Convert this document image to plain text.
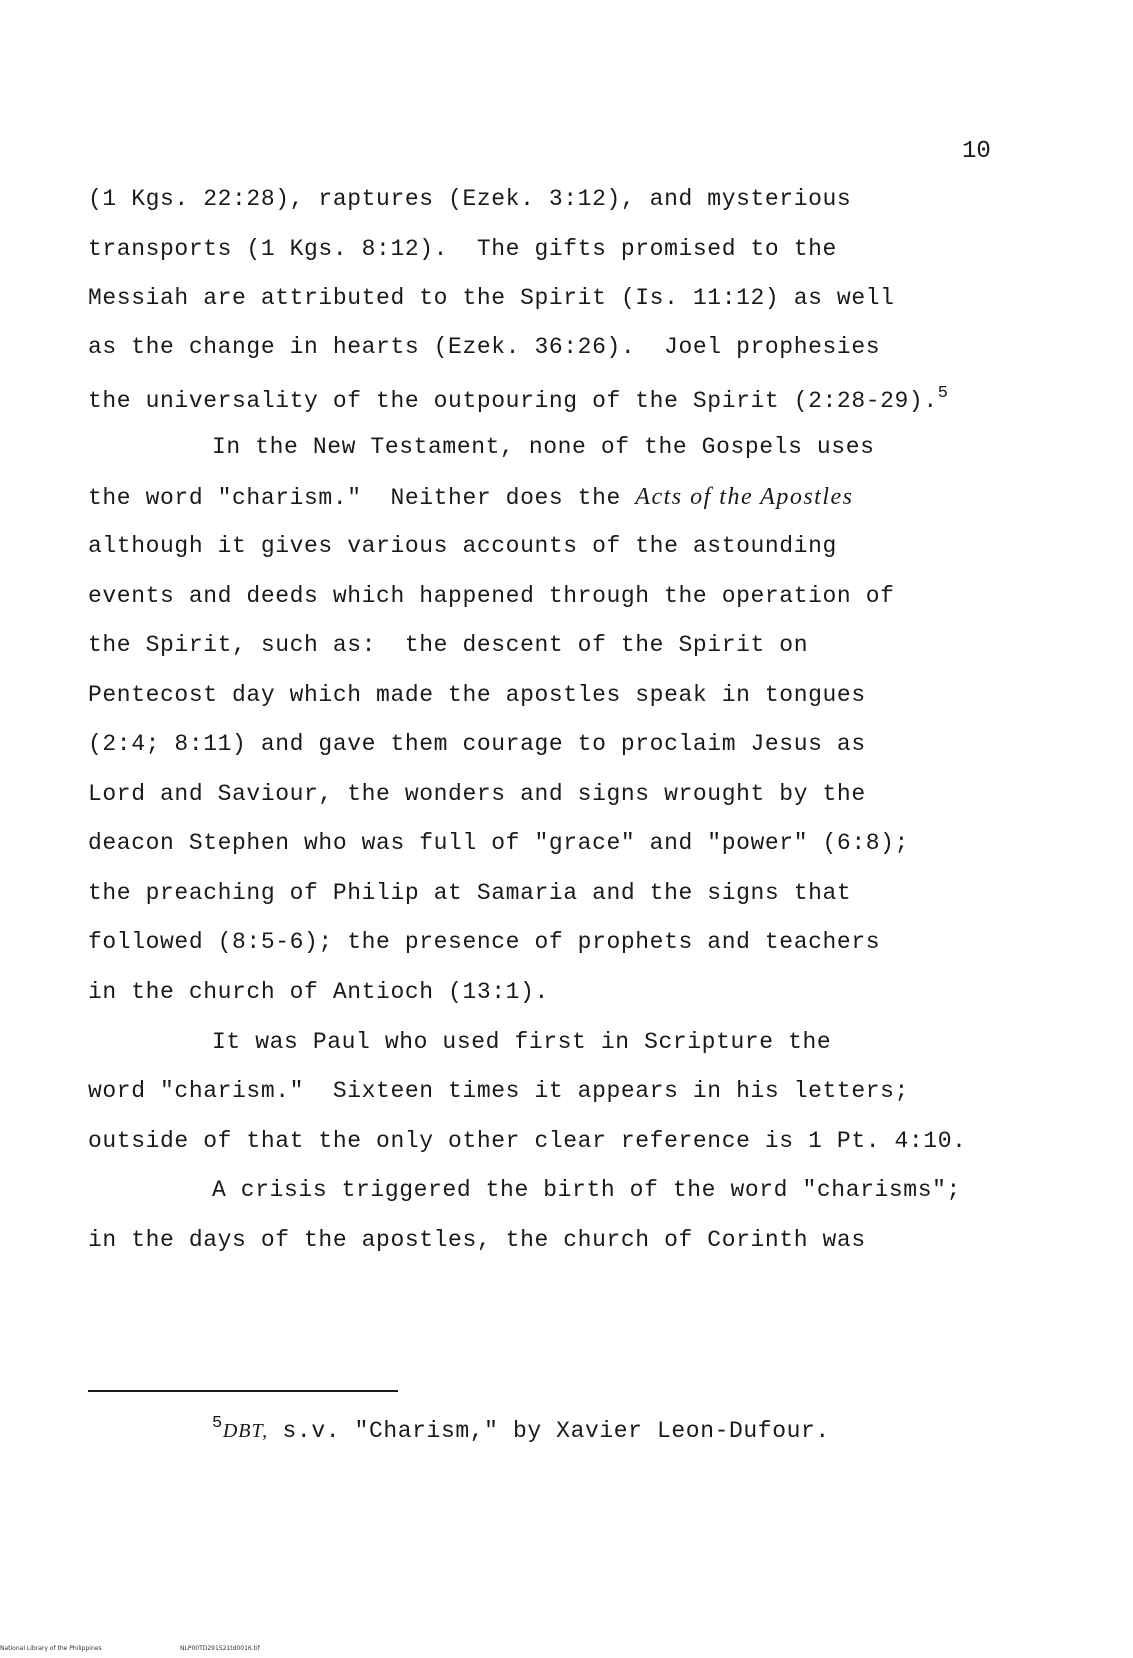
10
(1 Kgs. 22:28), raptures (Ezek. 3:12), and mysterious
transports (1 Kgs. 8:12).  The gifts promised to the
Messiah are attributed to the Spirit (Is. 11:12) as well
as the change in hearts (Ezek. 36:26).  Joel prophesies
the universality of the outpouring of the Spirit (2:28-29).$^5$
In the New Testament, none of the Gospels uses
the word "charism."  Neither does the Acts of the Apostles
although it gives various accounts of the astounding
events and deeds which happened through the operation of
the Spirit, such as:  the descent of the Spirit on
Pentecost day which made the apostles speak in tongues
(2:4; 8:11) and gave them courage to proclaim Jesus as
Lord and Saviour, the wonders and signs wrought by the
deacon Stephen who was full of "grace" and "power" (6:8);
the preaching of Philip at Samaria and the signs that
followed (8:5-6); the presence of prophets and teachers
in the church of Antioch (13:1).
It was Paul who used first in Scripture the
word "charism."  Sixteen times it appears in his letters;
outside of that the only other clear reference is 1 Pt. 4:10.
A crisis triggered the birth of the word "charisms";
in the days of the apostles, the church of Corinth was
$^5$DBT, s.v. "Charism," by Xavier Leon-Dufour.
National Library of the Philippines	NLP00TD291521td0016.tif
